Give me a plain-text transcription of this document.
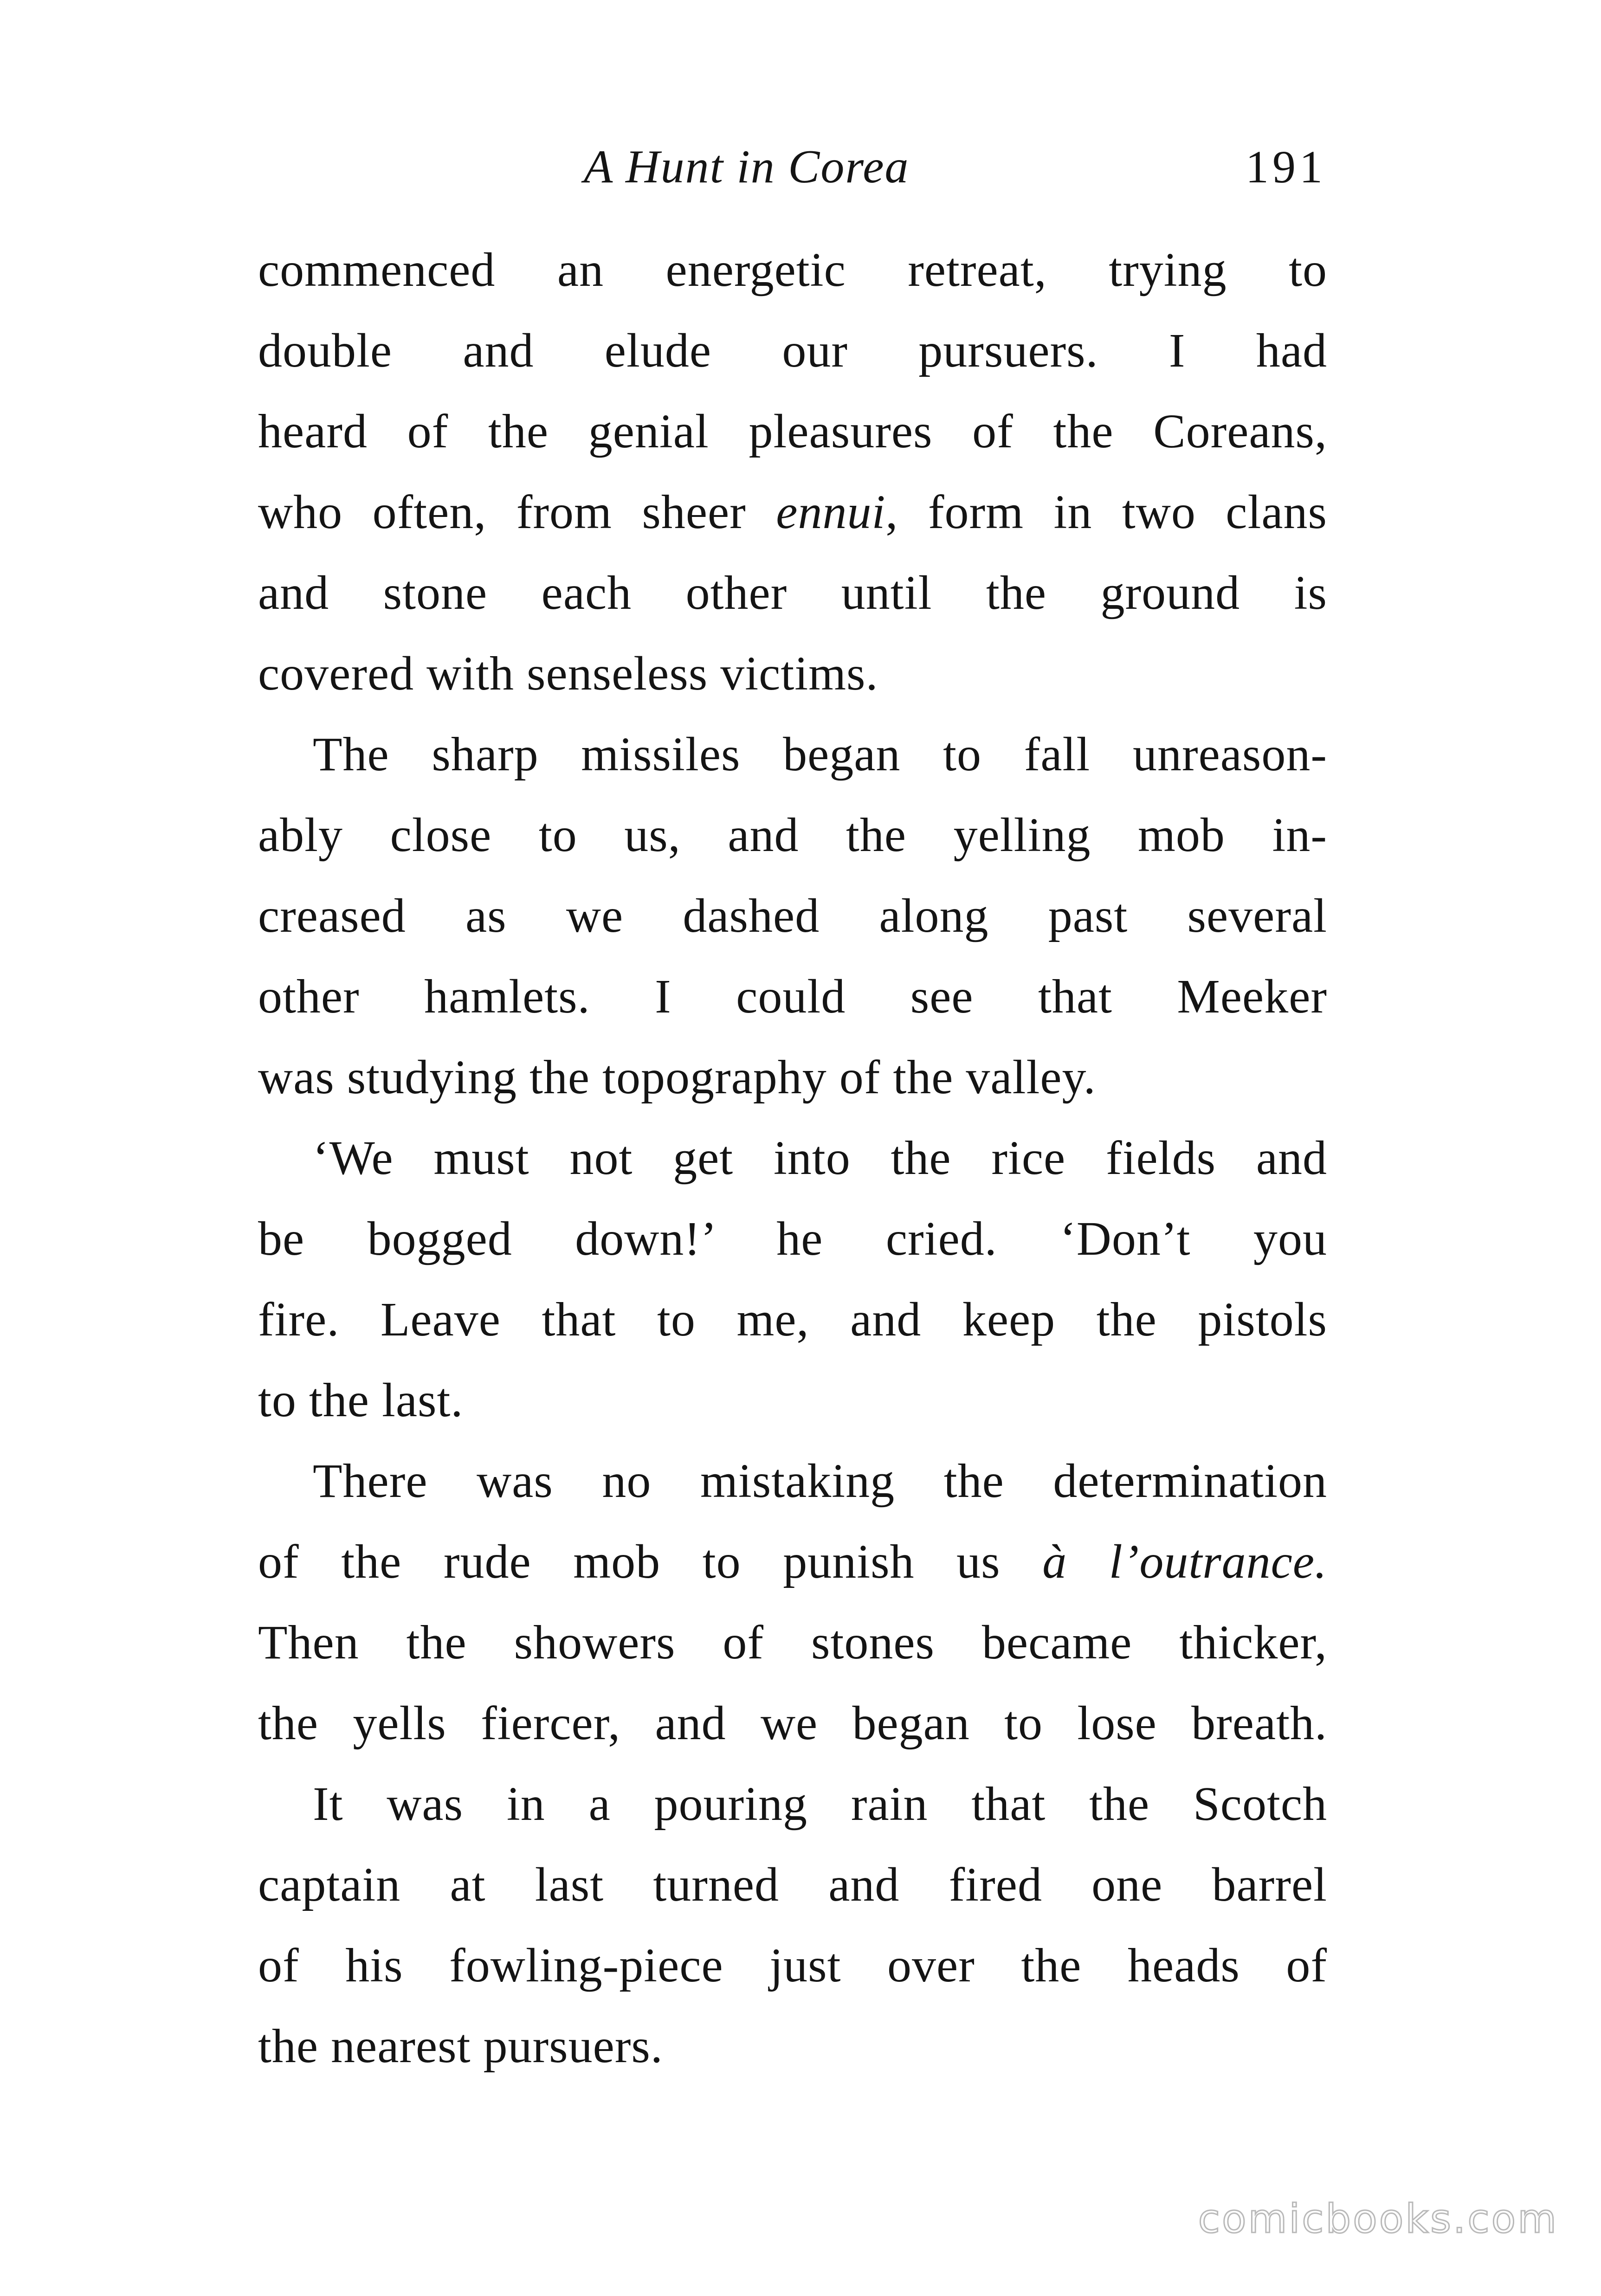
A Hunt in Corea	191
commenced an energetic retreat, trying to
double and elude our pursuers. I had
heard of the genial pleasures of the Coreans,
who often, from sheer ennui, form in two clans
and stone each other until the ground is
covered with senseless victims.
The sharp missiles began to fall unreason-
ably close to us, and the yelling mob in-
creased as we dashed along past several
other hamlets. I could see that Meeker
was studying the topography of the valley.
‘We must not get into the rice fields and
be bogged down!’ he cried. ‘Don’t you
fire. Leave that to me, and keep the pistols
to the last.
There was no mistaking the determination
of the rude mob to punish us à l’outrance.
Then the showers of stones became thicker,
the yells fiercer, and we began to lose breath.
It was in a pouring rain that the Scotch
captain at last turned and fired one barrel
of his fowling-piece just over the heads of
the nearest pursuers.
comicbooks.com
